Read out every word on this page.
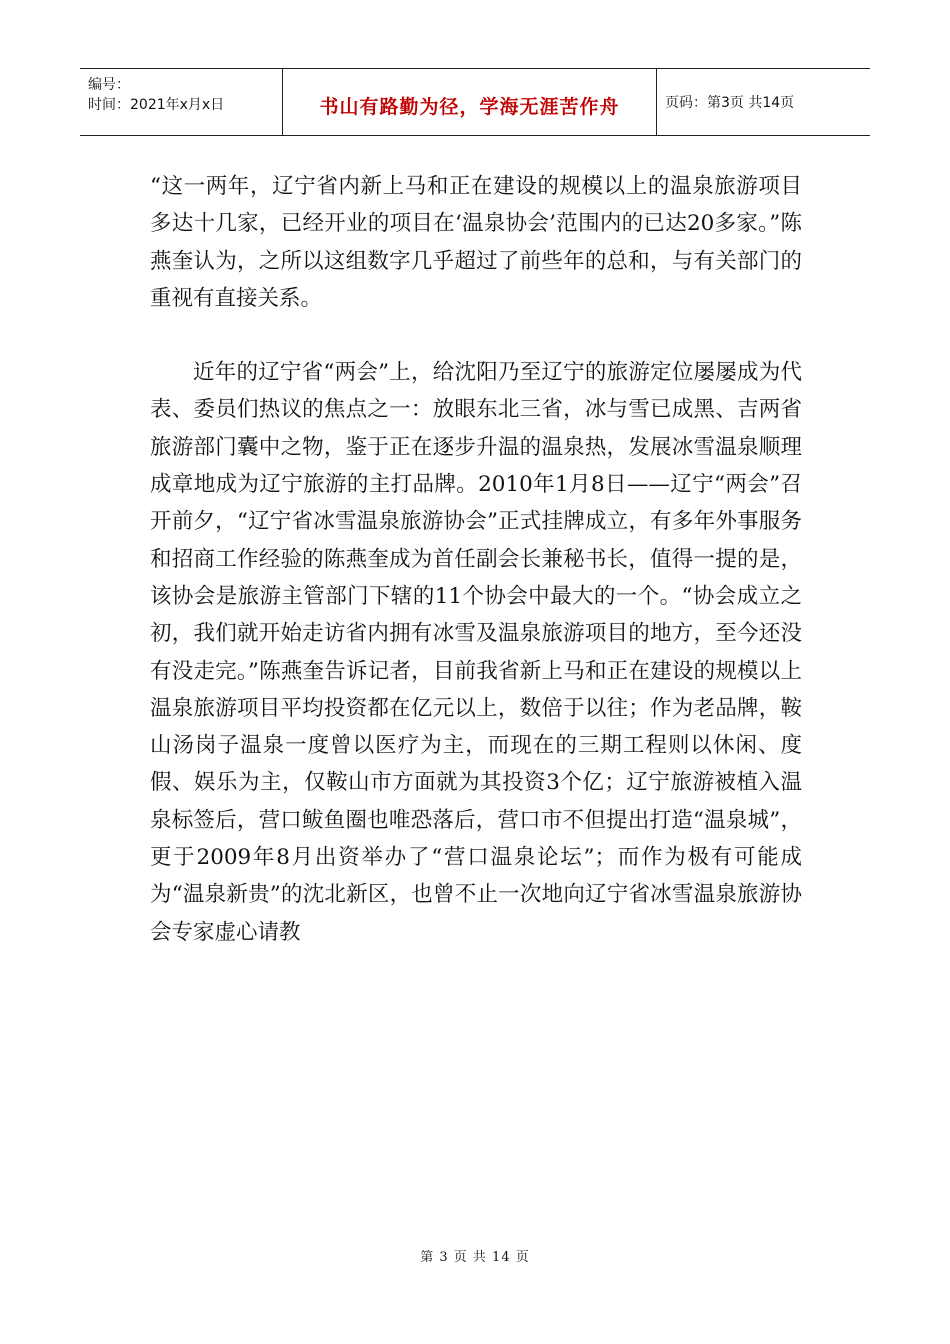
编号：
时间：2021年x月x日	书山有路勤为径，学海无涯苦作舟	页码：第3页 共14页

“这一两年，辽宁省内新上马和正在建设的规模以上的温泉旅游项目多达十几家，已经开业的项目在‘温泉协会’范围内的已达20多家。”陈燕奎认为，之所以这组数字几乎超过了前些年的总和，与有关部门的重视有直接关系。

近年的辽宁省“两会”上，给沈阳乃至辽宁的旅游定位屡屡成为代表、委员们热议的焦点之一：放眼东北三省，冰与雪已成黑、吉两省旅游部门囊中之物，鉴于正在逐步升温的温泉热，发展冰雪温泉顺理成章地成为辽宁旅游的主打品牌。2010年1月8日——辽宁“两会”召开前夕，“辽宁省冰雪温泉旅游协会”正式挂牌成立，有多年外事服务和招商工作经验的陈燕奎成为首任副会长兼秘书长，值得一提的是，该协会是旅游主管部门下辖的11个协会中最大的一个。“协会成立之初，我们就开始走访省内拥有冰雪及温泉旅游项目的地方，至今还没有没走完。”陈燕奎告诉记者，目前我省新上马和正在建设的规模以上温泉旅游项目平均投资都在亿元以上，数倍于以往；作为老品牌，鞍山汤岗子温泉一度曾以医疗为主，而现在的三期工程则以休闲、度假、娱乐为主，仅鞍山市方面就为其投资3个亿；辽宁旅游被植入温泉标签后，营口鲅鱼圈也唯恐落后，营口市不但提出打造“温泉城”，更于2009年8月出资举办了“营口温泉论坛”；而作为极有可能成为“温泉新贵”的沈北新区，也曾不止一次地向辽宁省冰雪温泉旅游协会专家虚心请教

第 3 页 共 14 页
